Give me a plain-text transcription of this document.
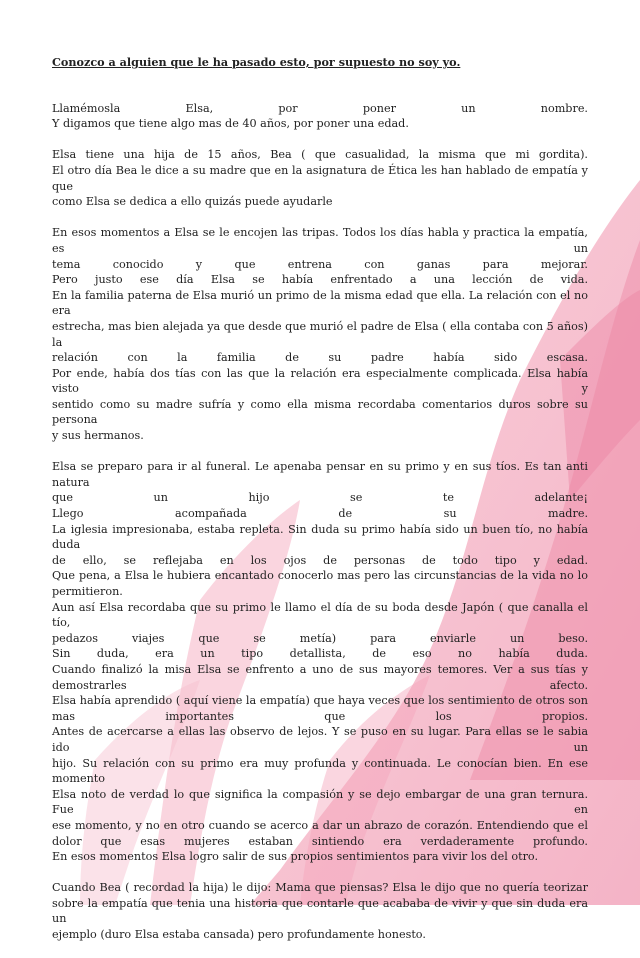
Conozco a alguien que le ha pasado esto, por supuesto no soy yo.
Llamémosla Elsa, por poner un nombre.
Y digamos que tiene algo mas de 40 años, por poner una edad.
Elsa tiene una hija de 15 años, Bea ( que casualidad, la misma que mi gordita).
El otro día Bea le dice a su madre que en la asignatura de Ética les han hablado de empatía y que
como Elsa se dedica a ello quizás puede ayudarle
En esos momentos a Elsa se le encojen las tripas. Todos los días habla y practica la empatía, es un
tema conocido y que entrena con ganas para mejorar.
Pero justo ese día Elsa se había enfrentado a una lección de vida.
En la familia paterna de Elsa murió un primo de la misma edad que ella. La relación con el no era
estrecha, mas bien alejada ya que desde que murió el padre de Elsa ( ella contaba con 5 años) la
relación con la familia de su padre había sido escasa.
Por ende, había dos tías con las que la relación era especialmente complicada. Elsa había visto y
sentido como su madre sufría y como ella misma recordaba comentarios duros sobre su persona
y sus hermanos.
Elsa se preparo para ir al funeral. Le apenaba pensar en su primo y en sus tíos. Es tan anti natura
que un hijo se te adelante¡
Llego acompañada de su madre.
La iglesia impresionaba, estaba repleta. Sin duda su primo había sido un buen tío, no había duda
de ello, se reflejaba en los ojos de personas de todo tipo y edad.
Que pena, a Elsa le hubiera encantado conocerlo mas pero las circunstancias de la vida no lo
permitieron.
Aun así Elsa recordaba que su primo le llamo el día de su boda desde Japón ( que canalla el tío,
pedazos viajes que se metía) para enviarle un beso.
Sin duda, era un tipo detallista, de eso no había duda.
Cuando finalizó la misa Elsa se enfrento a uno de sus mayores temores. Ver a sus tías y
demostrarles afecto.
Elsa había aprendido ( aquí viene la empatía) que haya veces que los sentimiento de otros son
mas importantes que los propios.
Antes de acercarse a ellas las observo de lejos. Y se puso en su lugar. Para ellas se le sabia ido un
hijo. Su relación con su primo era muy profunda y continuada. Le conocían bien. En ese momento
Elsa noto de verdad lo que significa la compasión y se dejo embargar de una gran ternura. Fue en
ese momento, y no en otro cuando se acerco a dar un abrazo de corazón. Entendiendo que el
dolor que esas mujeres estaban sintiendo era verdaderamente profundo.
En esos momentos Elsa logro salir de sus propios sentimientos para vivir los del otro.
Cuando Bea ( recordad la hija) le dijo: Mama que piensas? Elsa le dijo que no quería teorizar
sobre la empatía que tenia una historia que contarle que acababa de vivir y que sin duda era un
ejemplo (duro Elsa estaba cansada) pero profundamente honesto.
